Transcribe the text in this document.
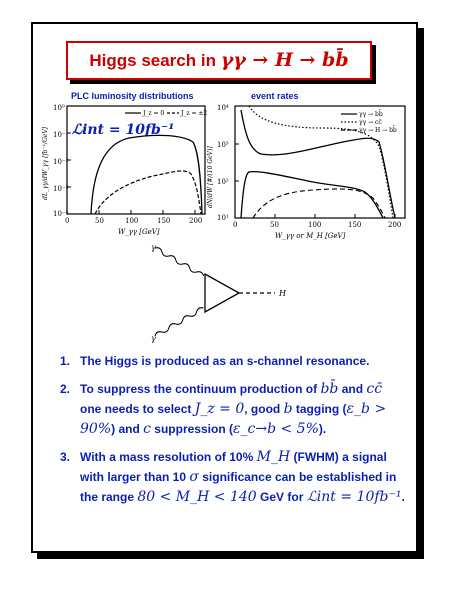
Higgs search in γγ → H → bb̄
PLC luminosity distributions	event rates
ℒint = 10fb⁻¹
10⁰
10⁻¹
10⁻²
10⁻³
10⁻⁴
0	50	100	150	200
W_γγ [GeV]
dL_γγ/dW_γγ [fb⁻¹/GeV]
J_z = 0	J_z = ±2
10⁴
10³
10²
10¹
0	50	100	150	200
W_γγ or M_H [GeV]
dN/dW [#/(10 GeV)]
γγ → bb̄
γγ → cc̄
γγ → H → bb̄
γ
γ
H
1. The Higgs is produced as an s-channel resonance.
2. To suppress the continuum production of bb̄ and cc̄ one needs to select J_z = 0, good b tagging (ε_b > 90%) and c suppression (ε_c→b < 5%).
3. With a mass resolution of 10% M_H (FWHM) a signal with larger than 10 σ significance can be established in the range 80 < M_H < 140 GeV for ℒint = 10fb⁻¹.
